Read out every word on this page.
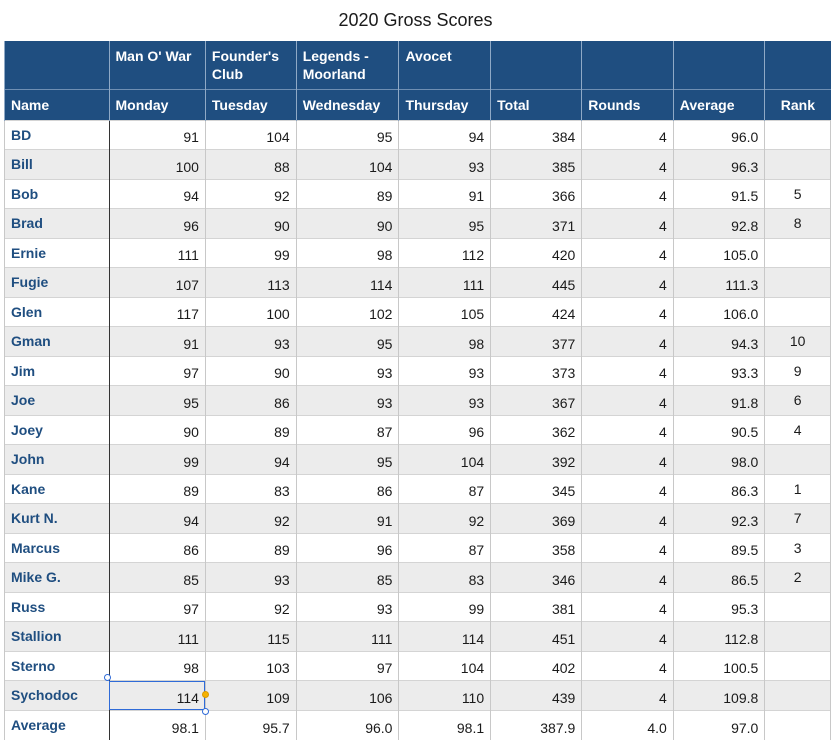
2020 Gross Scores
	Man O' War	Founder's Club	Legends - Moorland	Avocet				
Name	Monday	Tuesday	Wednesday	Thursday	Total	Rounds	Average	Rank
BD	91	104	95	94	384	4	96.0	
Bill	100	88	104	93	385	4	96.3	
Bob	94	92	89	91	366	4	91.5	5
Brad	96	90	90	95	371	4	92.8	8
Ernie	111	99	98	112	420	4	105.0	
Fugie	107	113	114	111	445	4	111.3	
Glen	117	100	102	105	424	4	106.0	
Gman	91	93	95	98	377	4	94.3	10
Jim	97	90	93	93	373	4	93.3	9
Joe	95	86	93	93	367	4	91.8	6
Joey	90	89	87	96	362	4	90.5	4
John	99	94	95	104	392	4	98.0	
Kane	89	83	86	87	345	4	86.3	1
Kurt N.	94	92	91	92	369	4	92.3	7
Marcus	86	89	96	87	358	4	89.5	3
Mike G.	85	93	85	83	346	4	86.5	2
Russ	97	92	93	99	381	4	95.3	
Stallion	111	115	111	114	451	4	112.8	
Sterno	98	103	97	104	402	4	100.5	
Sychodoc	114	109	106	110	439	4	109.8	
Average	98.1	95.7	96.0	98.1	387.9	4.0	97.0	
